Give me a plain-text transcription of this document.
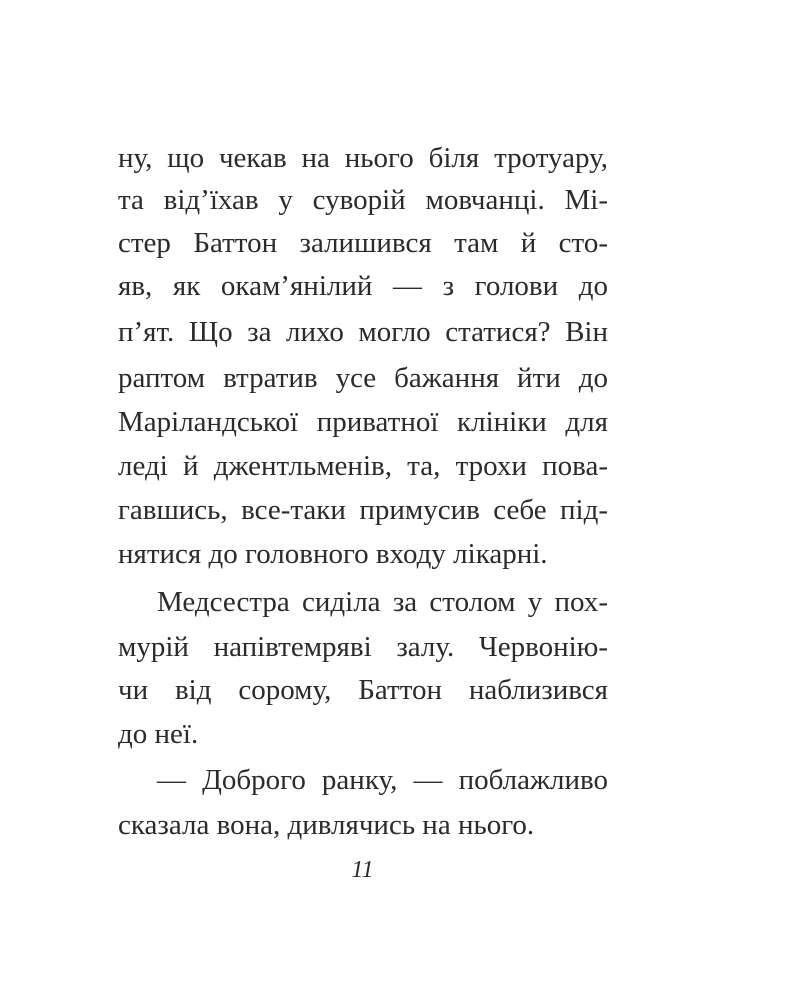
ну, що чекав на нього біля тротуару,
та від’їхав у суворій мовчанці. Мі-
стер Баттон залишився там й сто-
яв, як окам’янілий — з голови до
п’ят. Що за лихо могло статися? Він
раптом втратив усе бажання йти до
Маріландської приватної клініки для
леді й джентльменів, та, трохи пова-
гавшись, все-таки примусив себе під-
нятися до головного входу лікарні.
Медсестра сиділа за столом у пох-
мурій напівтемряві залу. Червонію-
чи від сорому, Баттон наблизився
до неї.
— Доброго ранку, — поблажливо
сказала вона, дивлячись на нього.
11
